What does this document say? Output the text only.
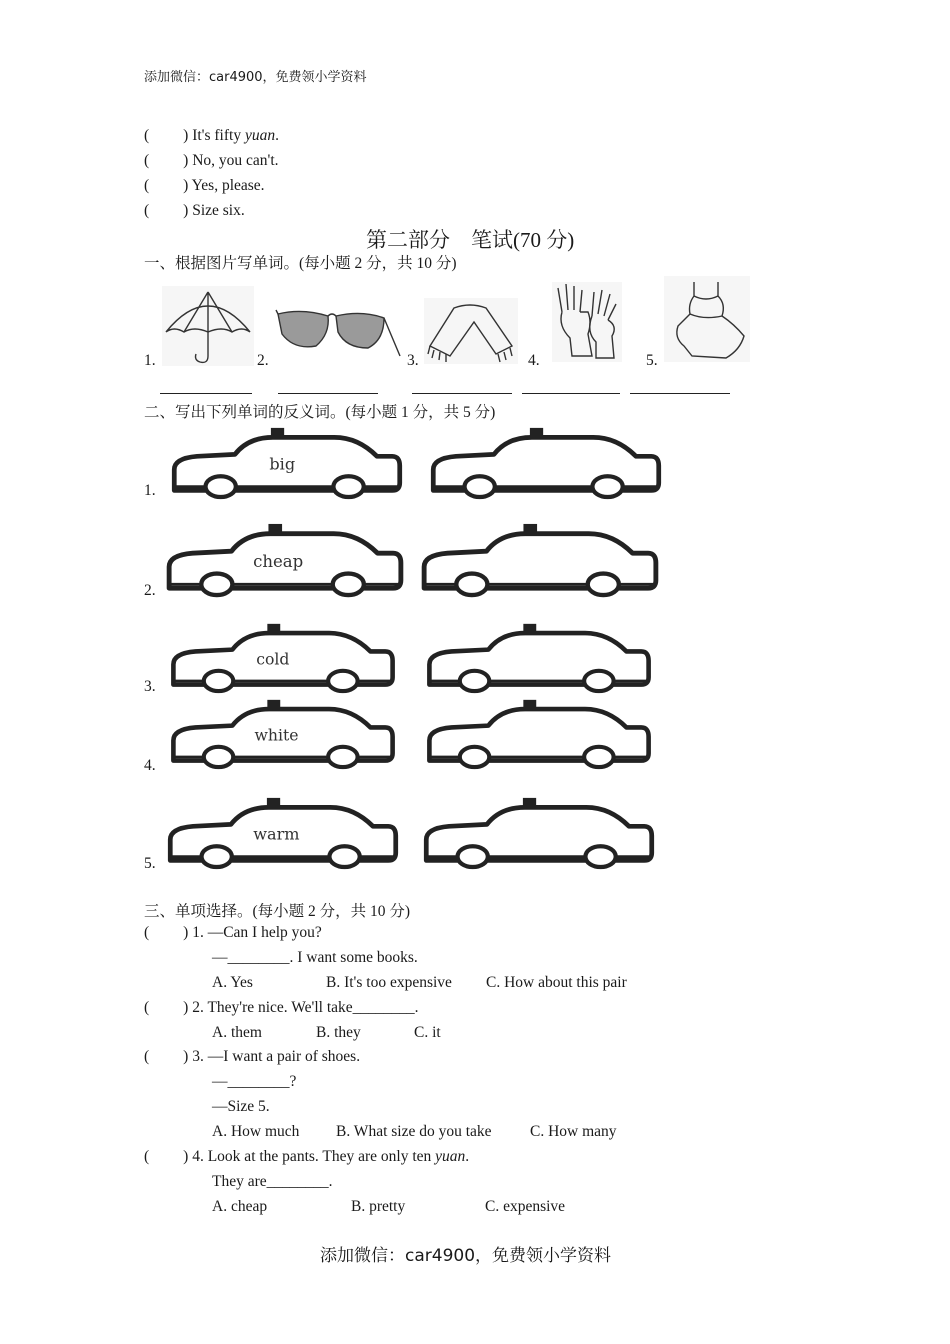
添加微信：car4900，免费领小学资料
( ) It's fifty yuan.
( ) No, you can't.
( ) Yes, please.
( ) Size six.
第二部分　笔试(70 分)
一、根据图片写单词。(每小题 2 分，共 10 分)
1.	2.	3.	4.	5.
二、写出下列单词的反义词。(每小题 1 分，共 5 分)
1.
big
2.
cheap
3.
cold
4.
white
5.
warm
三、单项选择。(每小题 2 分，共 10 分)
( ) 1. —Can I help you?
—________. I want some books.
A. Yes	B. It's too expensive C. How about this pair
( ) 2. They're nice. We'll take________.
A. them	B. they	C. it
( ) 3. —I want a pair of shoes.
—________?
—Size 5.
A. How much B. What size do you take C. How many
( ) 4. Look at the pants. They are only ten yuan.
They are________.
A. cheap	B. pretty	C. expensive
添加微信：car4900，免费领小学资料
